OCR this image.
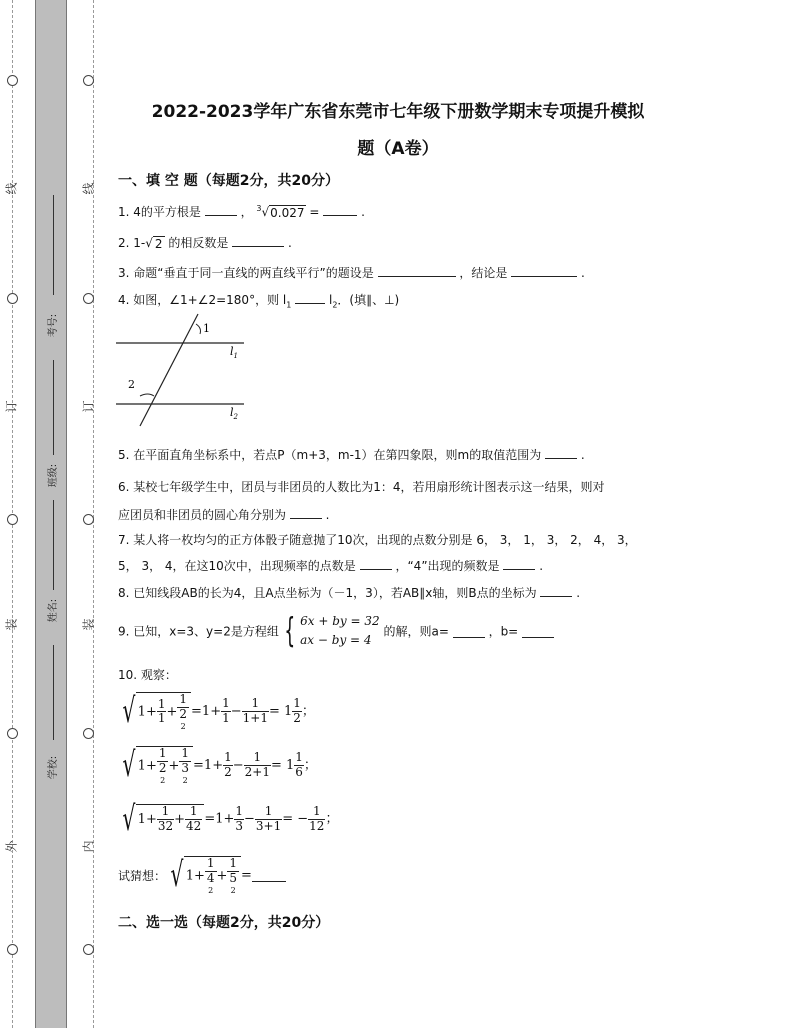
线
订
装
外
线
订
装
内
考号:
班级:
姓名:
学校:
2022-2023学年广东省东莞市七年级下册数学期末专项提升模拟
题（A卷）
一、填 空 题（每题2分，共20分）
1. 4的平方根是	， $^3$√0.027 =	.
2. 1-√ 2 的相反数是	.
3. 命题“垂直于同一直线的两直线平行”的题设是	，结论是	.
4. 如图，∠1+∠2=180°，则 $l_1$	$l_2$．(填∥、⊥)
1
2
$l_1$
$l_2$
5. 在平面直角坐标系中，若点P（m+3，m-1）在第四象限，则m的取值范围为	.
6. 某校七年级学生中，团员与非团员的人数比为1：4，若用扇形统计图表示这一结果，则对
应团员和非团员的圆心角分别为	.
7. 某人将一枚均匀的正方体骰子随意抛了10次，出现的点数分别是 6， 3， 1， 3， 2， 4， 3，
5， 3， 4，在这10次中，出现频率的点数是	，“4”出现的频数是	.
8. 已知线段AB的长为4，且A点坐标为（－1，3），若AB∥x轴，则B点的坐标为	.
9. 已知，x=3、y=2是方程组 { 6x + by = 32
ax − by = 4
的解，则a=	，b=
10. 观察：
√ $1+ \frac{1}{1} + 1$
2
$2 =1+ \frac{1}{1} - \frac{1}{1+1} = 1 \frac{1}{2}$ ；
√ 1+ 1
2
2 + 1
3
$2 =1+ \frac{1}{2} - \frac{1}{2+1} = 1 \frac{1}{6}$ ；
√ $1+ \frac{1}{32} + \frac{1}{42} =1+ \frac{1}{3} - \frac{1}{3+1}$ = − $\frac{1}{12}$ ；
试猜想： √ 1+ 1
4
2 + 1
5
2 =
二、选一选（每题2分，共20分）
